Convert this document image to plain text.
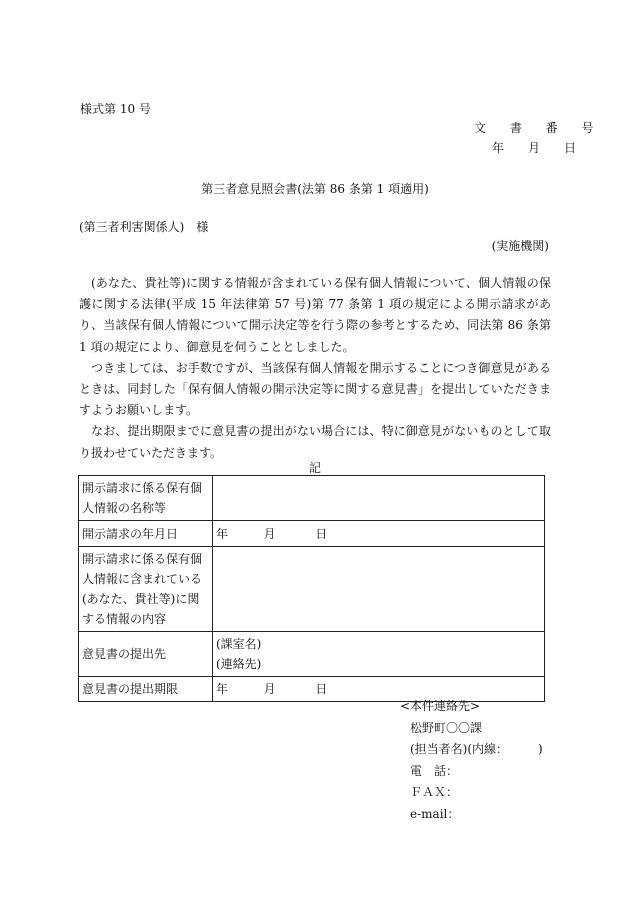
様式第 10 号
文 書 番 号
年　月　日
第三者意見照会書(法第 86 条第 1 項適用)
(第三者利害関係人)　様
(実施機関)

(あなた、貴社等)に関する情報が含まれている保有個人情報について、個人情報の保護に関する法律(平成 15 年法律第 57 号)第 77 条第 1 項の規定による開示請求があり、当該保有個人情報について開示決定等を行う際の参考とするため、同法第 86 条第 1 項の規定により、御意見を伺うこととしました。

つきましては、お手数ですが、当該保有個人情報を開示することにつき御意見があるときは、同封した「保有個人情報の開示決定等に関する意見書」を提出していただきますようお願いします。

なお、提出期限までに意見書の提出がない場合には、特に御意見がないものとして取り扱わせていただきます。

記
開示請求に係る保有個人情報の名称等	
開示請求の年月日	年 月 日
開示請求に係る保有個人情報に含まれている(あなた、貴社等)に関する情報の内容	
意見書の提出先	(課室名)
(連絡先)

意見書の提出期限	年 月 日
<本件連絡先>
松野町〇〇課
(担当者名)(内線：　　　)
電　話：
ＦＡＸ：
e-mail：
